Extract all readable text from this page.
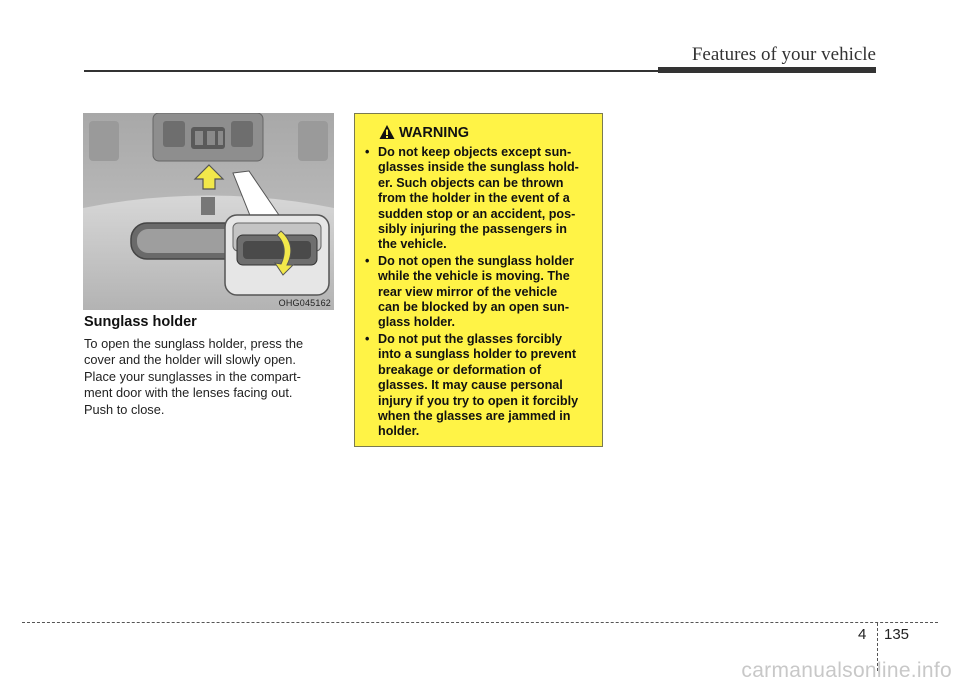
Features of your vehicle
OHG045162
Sunglass holder
To open the sunglass holder, press the
cover and the holder will slowly open.
Place your sunglasses in the compart-
ment door with the lenses facing out.
Push to close.
WARNING
• Do not keep objects except sun-
glasses inside the sunglass hold-
er. Such objects can be thrown
from the holder in the event of a
sudden stop or an accident, pos-
sibly injuring the passengers in
the vehicle.
• Do not open the sunglass holder
while the vehicle is moving. The
rear view mirror of the vehicle
can be blocked by an open sun-
glass holder.
• Do not put the glasses forcibly
into a sunglass holder to prevent
breakage or deformation of
glasses. It may cause personal
injury if you try to open it forcibly
when the glasses are jammed in
holder.
4 135
carmanualsonline.info
